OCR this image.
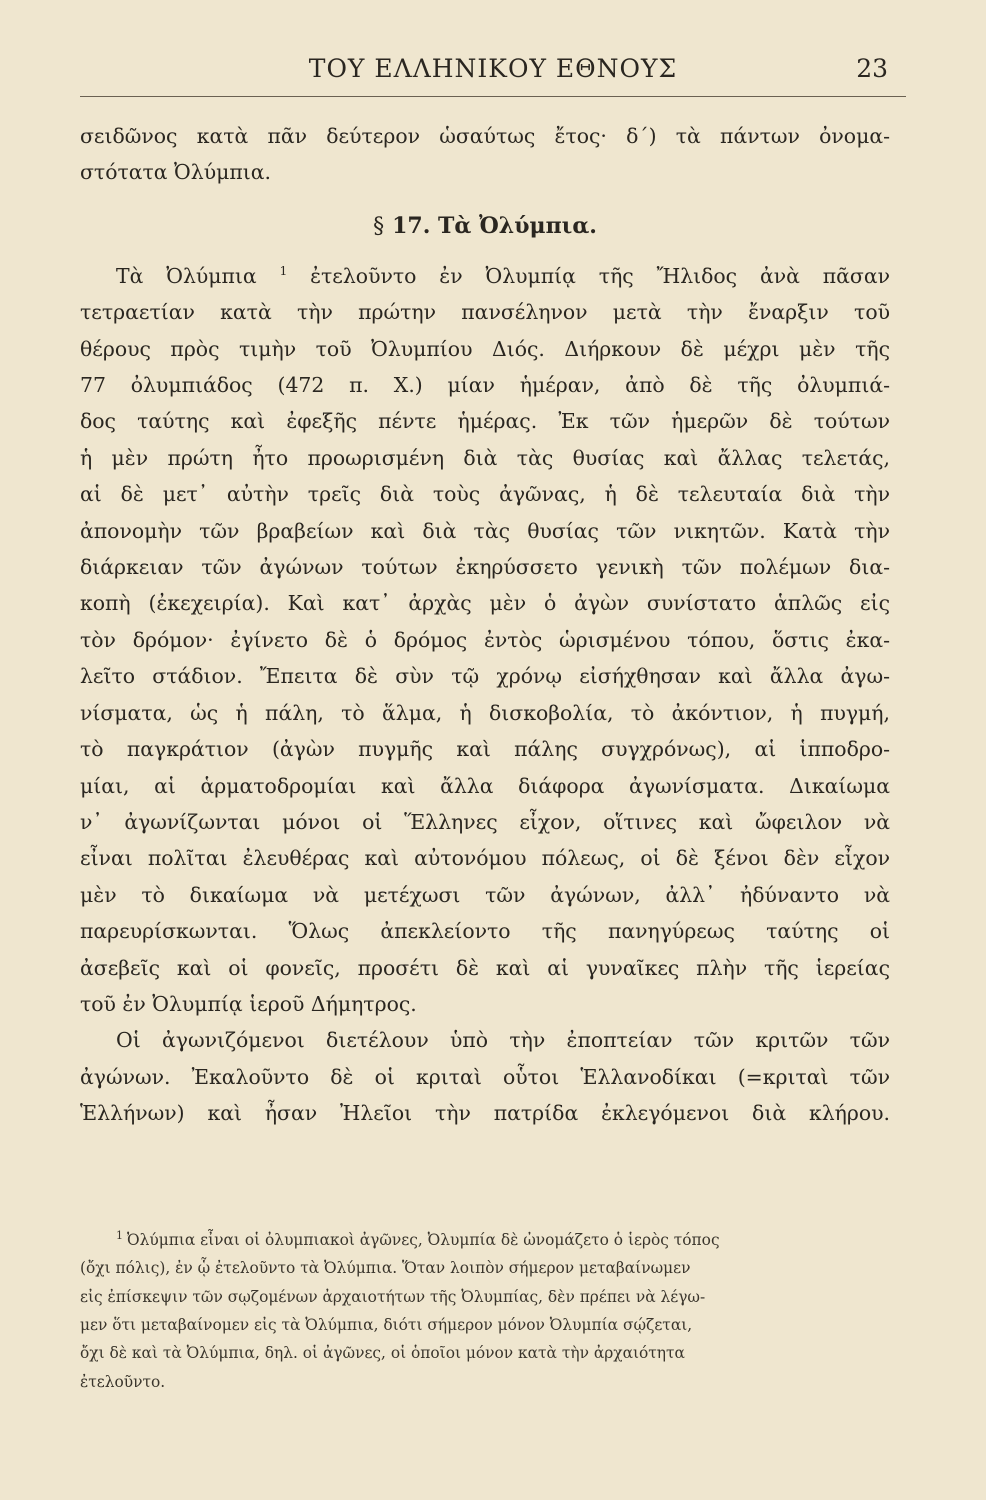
ΤΟΥ ΕΛΛΗΝΙΚΟΥ ΕΘΝΟΥΣ	23

σειδῶνος κατὰ πᾶν δεύτερον ὡσαύτως ἔτος· δ΄) τὰ πάντων ὀνομα-

στότατα Ὀλύμπια.

§ 17. Τὰ Ὀλύμπια.

Τὰ Ὀλύμπια $^1$ ἐτελοῦντο ἐν Ὀλυμπίᾳ τῆς Ἤλιδος ἀνὰ πᾶσαν

τετραετίαν κατὰ τὴν πρώτην πανσέληνον μετὰ τὴν ἔναρξιν τοῦ

θέρους πρὸς τιμὴν τοῦ Ὀλυμπίου Διός. Διήρκουν δὲ μέχρι μὲν τῆς

77 ὀλυμπιάδος (472 π. Χ.) μίαν ἡμέραν, ἀπὸ δὲ τῆς ὀλυμπιά-

δος ταύτης καὶ ἐφεξῆς πέντε ἡμέρας. Ἐκ τῶν ἡμερῶν δὲ τούτων

ἡ μὲν πρώτη ἦτο προωρισμένη διὰ τὰς θυσίας καὶ ἄλλας τελετάς,

αἱ δὲ μετ᾽ αὐτὴν τρεῖς διὰ τοὺς ἀγῶνας, ἡ δὲ τελευταία διὰ τὴν

ἀπονομὴν τῶν βραβείων καὶ διὰ τὰς θυσίας τῶν νικητῶν. Κατὰ τὴν

διάρκειαν τῶν ἀγώνων τούτων ἐκηρύσσετο γενικὴ τῶν πολέμων δια-

κοπὴ (ἐκεχειρία). Καὶ κατ᾽ ἀρχὰς μὲν ὁ ἀγὼν συνίστατο ἁπλῶς εἰς

τὸν δρόμον· ἐγίνετο δὲ ὁ δρόμος ἐντὸς ὡρισμένου τόπου, ὅστις ἐκα-

λεῖτο στάδιον. Ἔπειτα δὲ σὺν τῷ χρόνῳ εἰσήχθησαν καὶ ἄλλα ἀγω-

νίσματα, ὡς ἡ πάλη, τὸ ἅλμα, ἡ δισκοβολία, τὸ ἀκόντιον, ἡ πυγμή,

τὸ παγκράτιον (ἀγὼν πυγμῆς καὶ πάλης συγχρόνως), αἱ ἱπποδρο-

μίαι, αἱ ἁρματοδρομίαι καὶ ἄλλα διάφορα ἀγωνίσματα. Δικαίωμα

ν᾽ ἀγωνίζωνται μόνοι οἱ Ἕλληνες εἶχον, οἵτινες καὶ ὤφειλον νὰ

εἶναι πολῖται ἐλευθέρας καὶ αὐτονόμου πόλεως, οἱ δὲ ξένοι δὲν εἶχον

μὲν τὸ δικαίωμα νὰ μετέχωσι τῶν ἀγώνων, ἀλλ᾽ ἠδύναντο νὰ

παρευρίσκωνται. Ὅλως ἀπεκλείοντο τῆς πανηγύρεως ταύτης οἱ

ἀσεβεῖς καὶ οἱ φονεῖς, προσέτι δὲ καὶ αἱ γυναῖκες πλὴν τῆς ἱερείας

τοῦ ἐν Ὀλυμπίᾳ ἱεροῦ Δήμητρος.

Οἱ ἀγωνιζόμενοι διετέλουν ὑπὸ τὴν ἐποπτείαν τῶν κριτῶν τῶν

ἀγώνων. Ἐκαλοῦντο δὲ οἱ κριταὶ οὗτοι Ἑλλανοδίκαι (=κριταὶ τῶν

Ἑλλήνων) καὶ ἦσαν Ἠλεῖοι τὴν πατρίδα ἐκλεγόμενοι διὰ κλήρου.

$^1$ Ὀλύμπια εἶναι οἱ ὀλυμπιακοὶ ἀγῶνες, Ὀλυμπία δὲ ὠνομάζετο ὁ ἱερὸς τόπος

(ὄχι πόλις), ἐν ᾧ ἐτελοῦντο τὰ Ὀλύμπια. Ὅταν λοιπὸν σήμερον μεταβαίνωμεν

εἰς ἐπίσκεψιν τῶν σῳζομένων ἀρχαιοτήτων τῆς Ὀλυμπίας, δὲν πρέπει νὰ λέγω-

μεν ὅτι μεταβαίνομεν εἰς τὰ Ὀλύμπια, διότι σήμερον μόνον Ὀλυμπία σῴζεται,

ὄχι δὲ καὶ τὰ Ὀλύμπια, δηλ. οἱ ἀγῶνες, οἱ ὁποῖοι μόνον κατὰ τὴν ἀρχαιότητα

ἐτελοῦντο.
